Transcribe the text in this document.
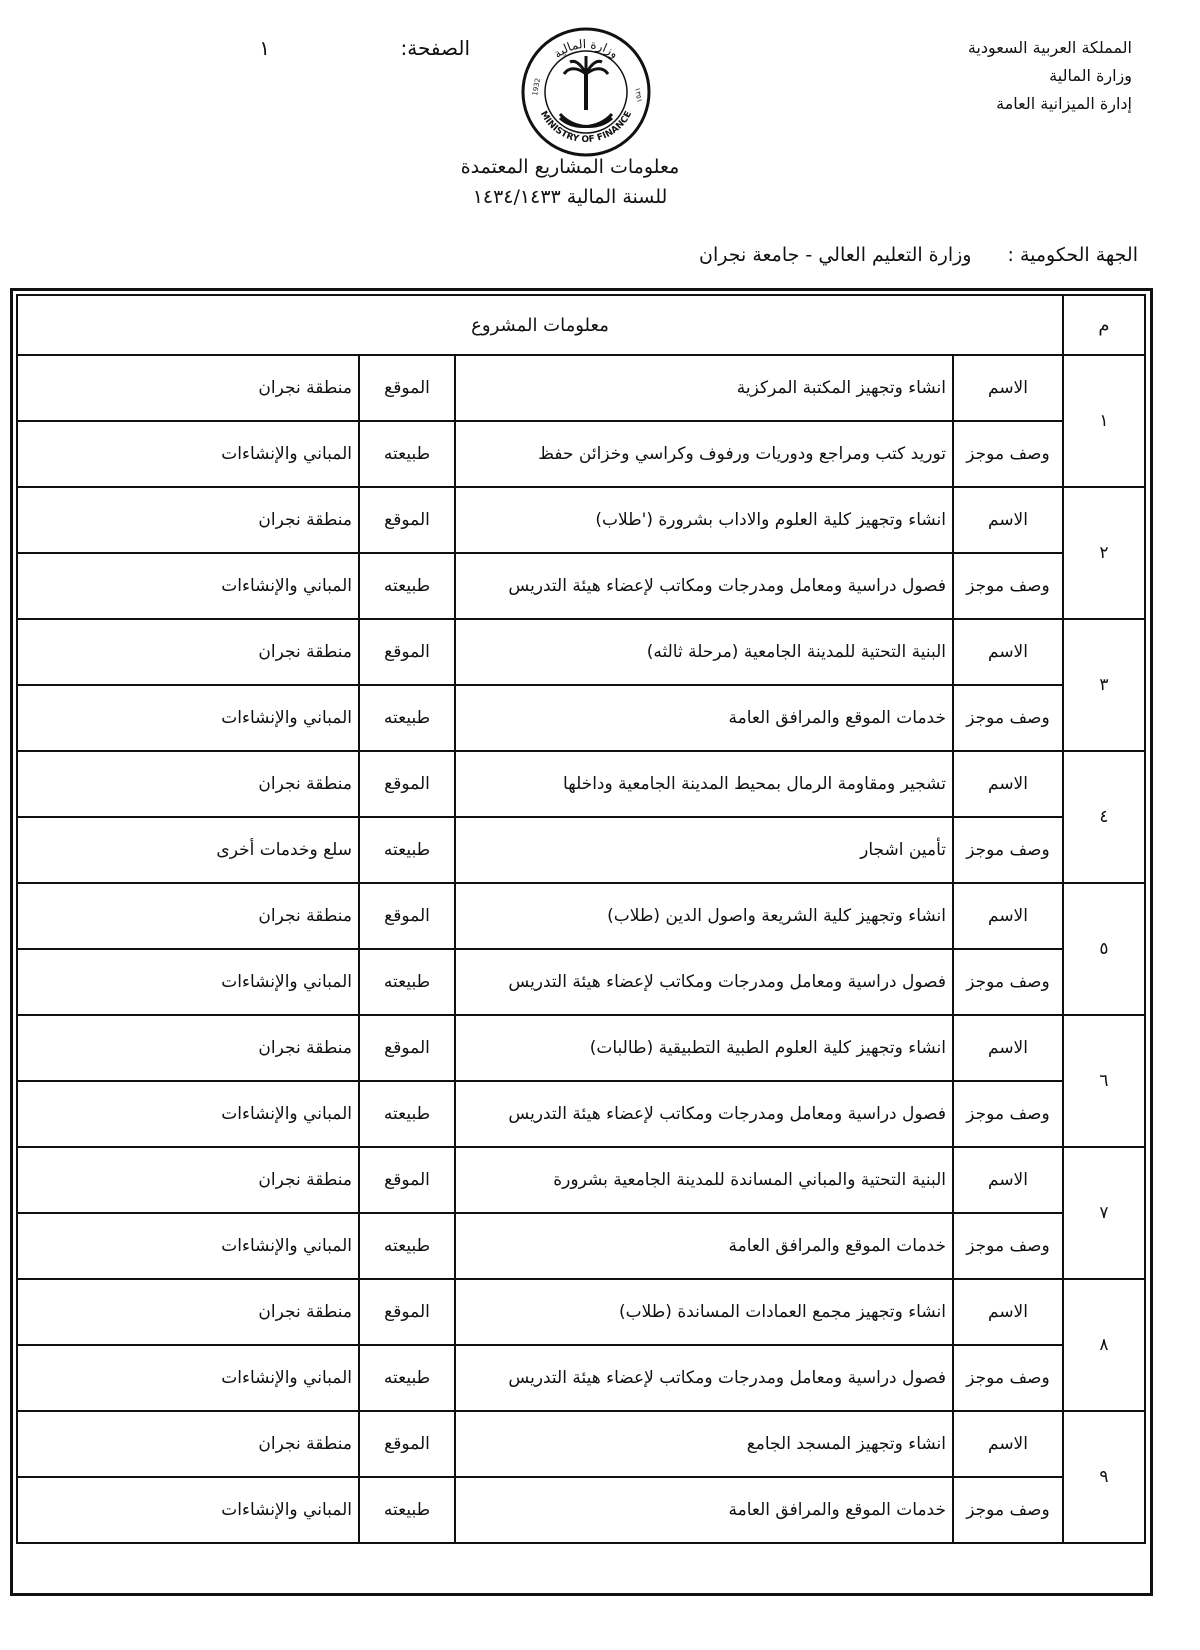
المملكة العربية السعودية
وزارة المالية
إدارة الميزانية العامة
الصفحة:
١	وزارة المالية
MINISTRY OF FINANCE
1932	١٣٥١
معلومات المشاريع المعتمدة
للسنة المالية ١٤٣٤/١٤٣٣
الجهة الحكومية : وزارة التعليم العالي - جامعة نجران
م	معلومات المشروع			
١	الاسم	انشاء وتجهيز المكتبة المركزية	الموقع	منطقة نجران
	وصف موجز	توريد كتب ومراجع ودوريات ورفوف وكراسي وخزائن حفظ	طبيعته	المباني والإنشاءات
٢	الاسم	انشاء وتجهيز كلية العلوم والاداب بشرورة ('طلاب)	الموقع	منطقة نجران
	وصف موجز	فصول دراسية ومعامل ومدرجات ومكاتب لإعضاء هيئة التدريس	طبيعته	المباني والإنشاءات
٣	الاسم	البنية التحتية للمدينة الجامعية (مرحلة ثالثه)	الموقع	منطقة نجران
	وصف موجز	خدمات الموقع والمرافق العامة	طبيعته	المباني والإنشاءات
٤	الاسم	تشجير ومقاومة الرمال بمحيط المدينة الجامعية وداخلها	الموقع	منطقة نجران
	وصف موجز	تأمين اشجار	طبيعته	سلع وخدمات أخرى
٥	الاسم	انشاء وتجهيز كلية الشريعة واصول الدين (طلاب)	الموقع	منطقة نجران
	وصف موجز	فصول دراسية ومعامل ومدرجات ومكاتب لإعضاء هيئة التدريس	طبيعته	المباني والإنشاءات
٦	الاسم	انشاء وتجهيز كلية العلوم الطبية التطبيقية (طالبات)	الموقع	منطقة نجران
	وصف موجز	فصول دراسية ومعامل ومدرجات ومكاتب لإعضاء هيئة التدريس	طبيعته	المباني والإنشاءات
٧	الاسم	البنية التحتية والمباني المساندة للمدينة الجامعية بشرورة	الموقع	منطقة نجران
	وصف موجز	خدمات الموقع والمرافق العامة	طبيعته	المباني والإنشاءات
٨	الاسم	انشاء وتجهيز مجمع العمادات المساندة (طلاب)	الموقع	منطقة نجران
	وصف موجز	فصول دراسية ومعامل ومدرجات ومكاتب لإعضاء هيئة التدريس	طبيعته	المباني والإنشاءات
٩	الاسم	انشاء وتجهيز المسجد الجامع	الموقع	منطقة نجران
	وصف موجز	خدمات الموقع والمرافق العامة	طبيعته	المباني والإنشاءات
